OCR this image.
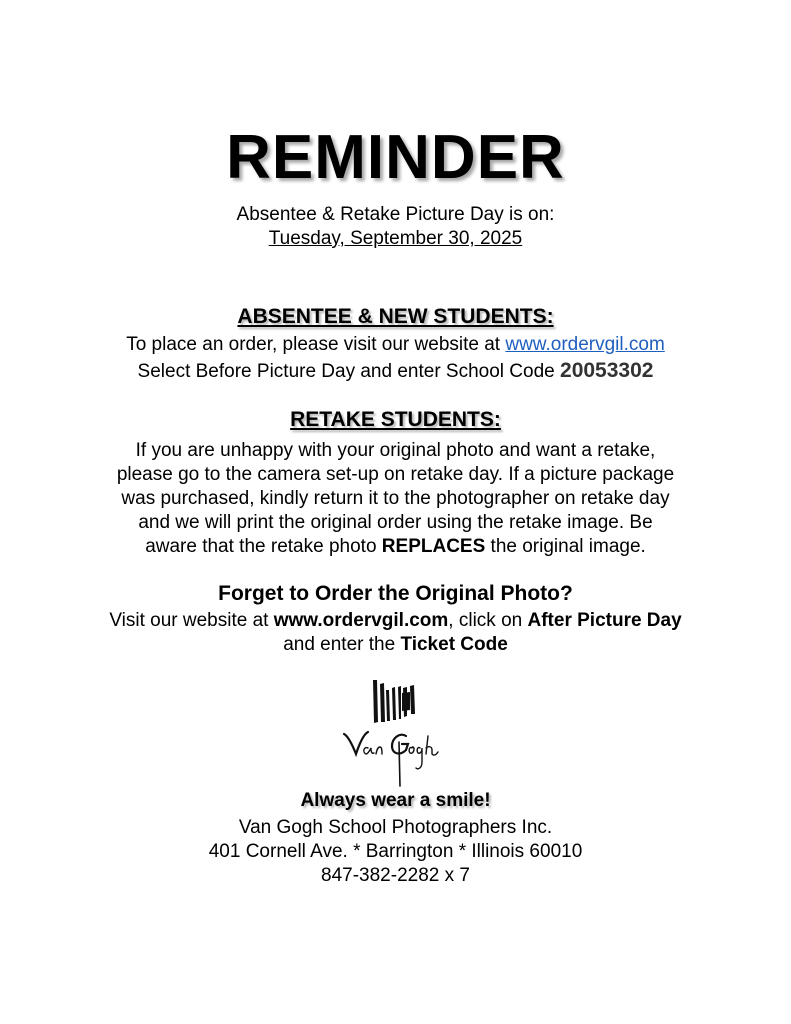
REMINDER
Absentee & Retake Picture Day is on:
Tuesday, September 30, 2025
ABSENTEE & NEW STUDENTS:
To place an order, please visit our website at www.ordervgil.com
Select Before Picture Day and enter School Code 20053302
RETAKE STUDENTS:
If you are unhappy with your original photo and want a retake,
please go to the camera set-up on retake day. If a picture package
was purchased, kindly return it to the photographer on retake day
and we will print the original order using the retake image. Be
aware that the retake photo REPLACES the original image.
Forget to Order the Original Photo?
Visit our website at www.ordervgil.com, click on After Picture Day
and enter the Ticket Code
Always wear a smile!
Van Gogh School Photographers Inc.
401 Cornell Ave. * Barrington * Illinois 60010
847-382-2282 x 7
